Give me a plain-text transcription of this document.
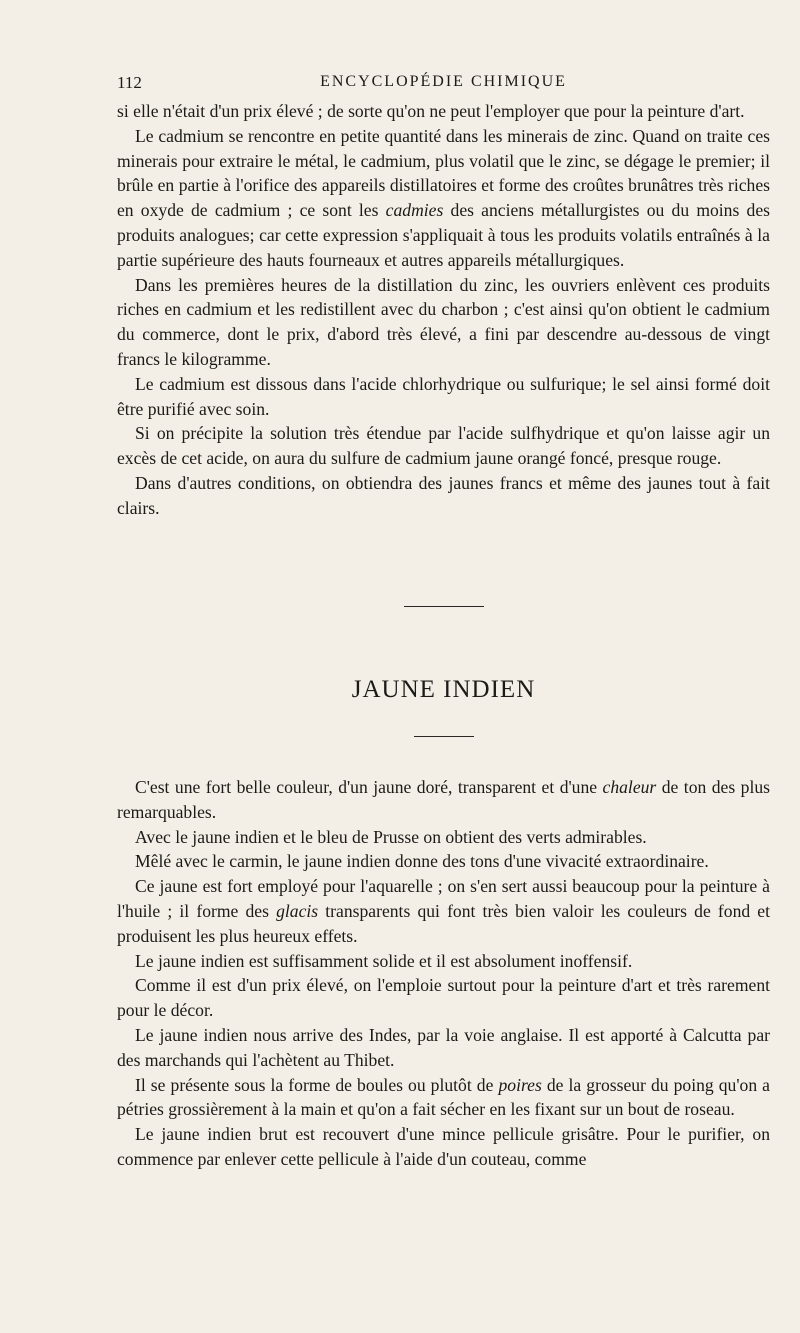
112	ENCYCLOPÉDIE CHIMIQUE

si elle n'était d'un prix élevé ; de sorte qu'on ne peut l'employer que pour la peinture d'art.

Le cadmium se rencontre en petite quantité dans les minerais de zinc. Quand on traite ces minerais pour extraire le métal, le cadmium, plus volatil que le zinc, se dégage le premier; il brûle en partie à l'orifice des appareils distillatoires et forme des croûtes brunâtres très riches en oxyde de cadmium ; ce sont les cadmies des anciens métallurgistes ou du moins des produits analogues; car cette expression s'appliquait à tous les produits volatils entraînés à la partie supérieure des hauts fourneaux et autres appareils métallurgiques.

Dans les premières heures de la distillation du zinc, les ouvriers enlèvent ces produits riches en cadmium et les redistillent avec du charbon ; c'est ainsi qu'on obtient le cadmium du commerce, dont le prix, d'abord très élevé, a fini par descendre au-dessous de vingt francs le kilogramme.

Le cadmium est dissous dans l'acide chlorhydrique ou sulfurique; le sel ainsi formé doit être purifié avec soin.

Si on précipite la solution très étendue par l'acide sulfhydrique et qu'on laisse agir un excès de cet acide, on aura du sulfure de cadmium jaune orangé foncé, presque rouge.

Dans d'autres conditions, on obtiendra des jaunes francs et même des jaunes tout à fait clairs.

JAUNE INDIEN

C'est une fort belle couleur, d'un jaune doré, transparent et d'une chaleur de ton des plus remarquables.

Avec le jaune indien et le bleu de Prusse on obtient des verts admirables.

Mêlé avec le carmin, le jaune indien donne des tons d'une vivacité extraordinaire.

Ce jaune est fort employé pour l'aquarelle ; on s'en sert aussi beaucoup pour la peinture à l'huile ; il forme des glacis transparents qui font très bien valoir les couleurs de fond et produisent les plus heureux effets.

Le jaune indien est suffisamment solide et il est absolument inoffensif.

Comme il est d'un prix élevé, on l'emploie surtout pour la peinture d'art et très rarement pour le décor.

Le jaune indien nous arrive des Indes, par la voie anglaise. Il est apporté à Calcutta par des marchands qui l'achètent au Thibet.

Il se présente sous la forme de boules ou plutôt de poires de la grosseur du poing qu'on a pétries grossièrement à la main et qu'on a fait sécher en les fixant sur un bout de roseau.

Le jaune indien brut est recouvert d'une mince pellicule grisâtre. Pour le purifier, on commence par enlever cette pellicule à l'aide d'un couteau, comme
